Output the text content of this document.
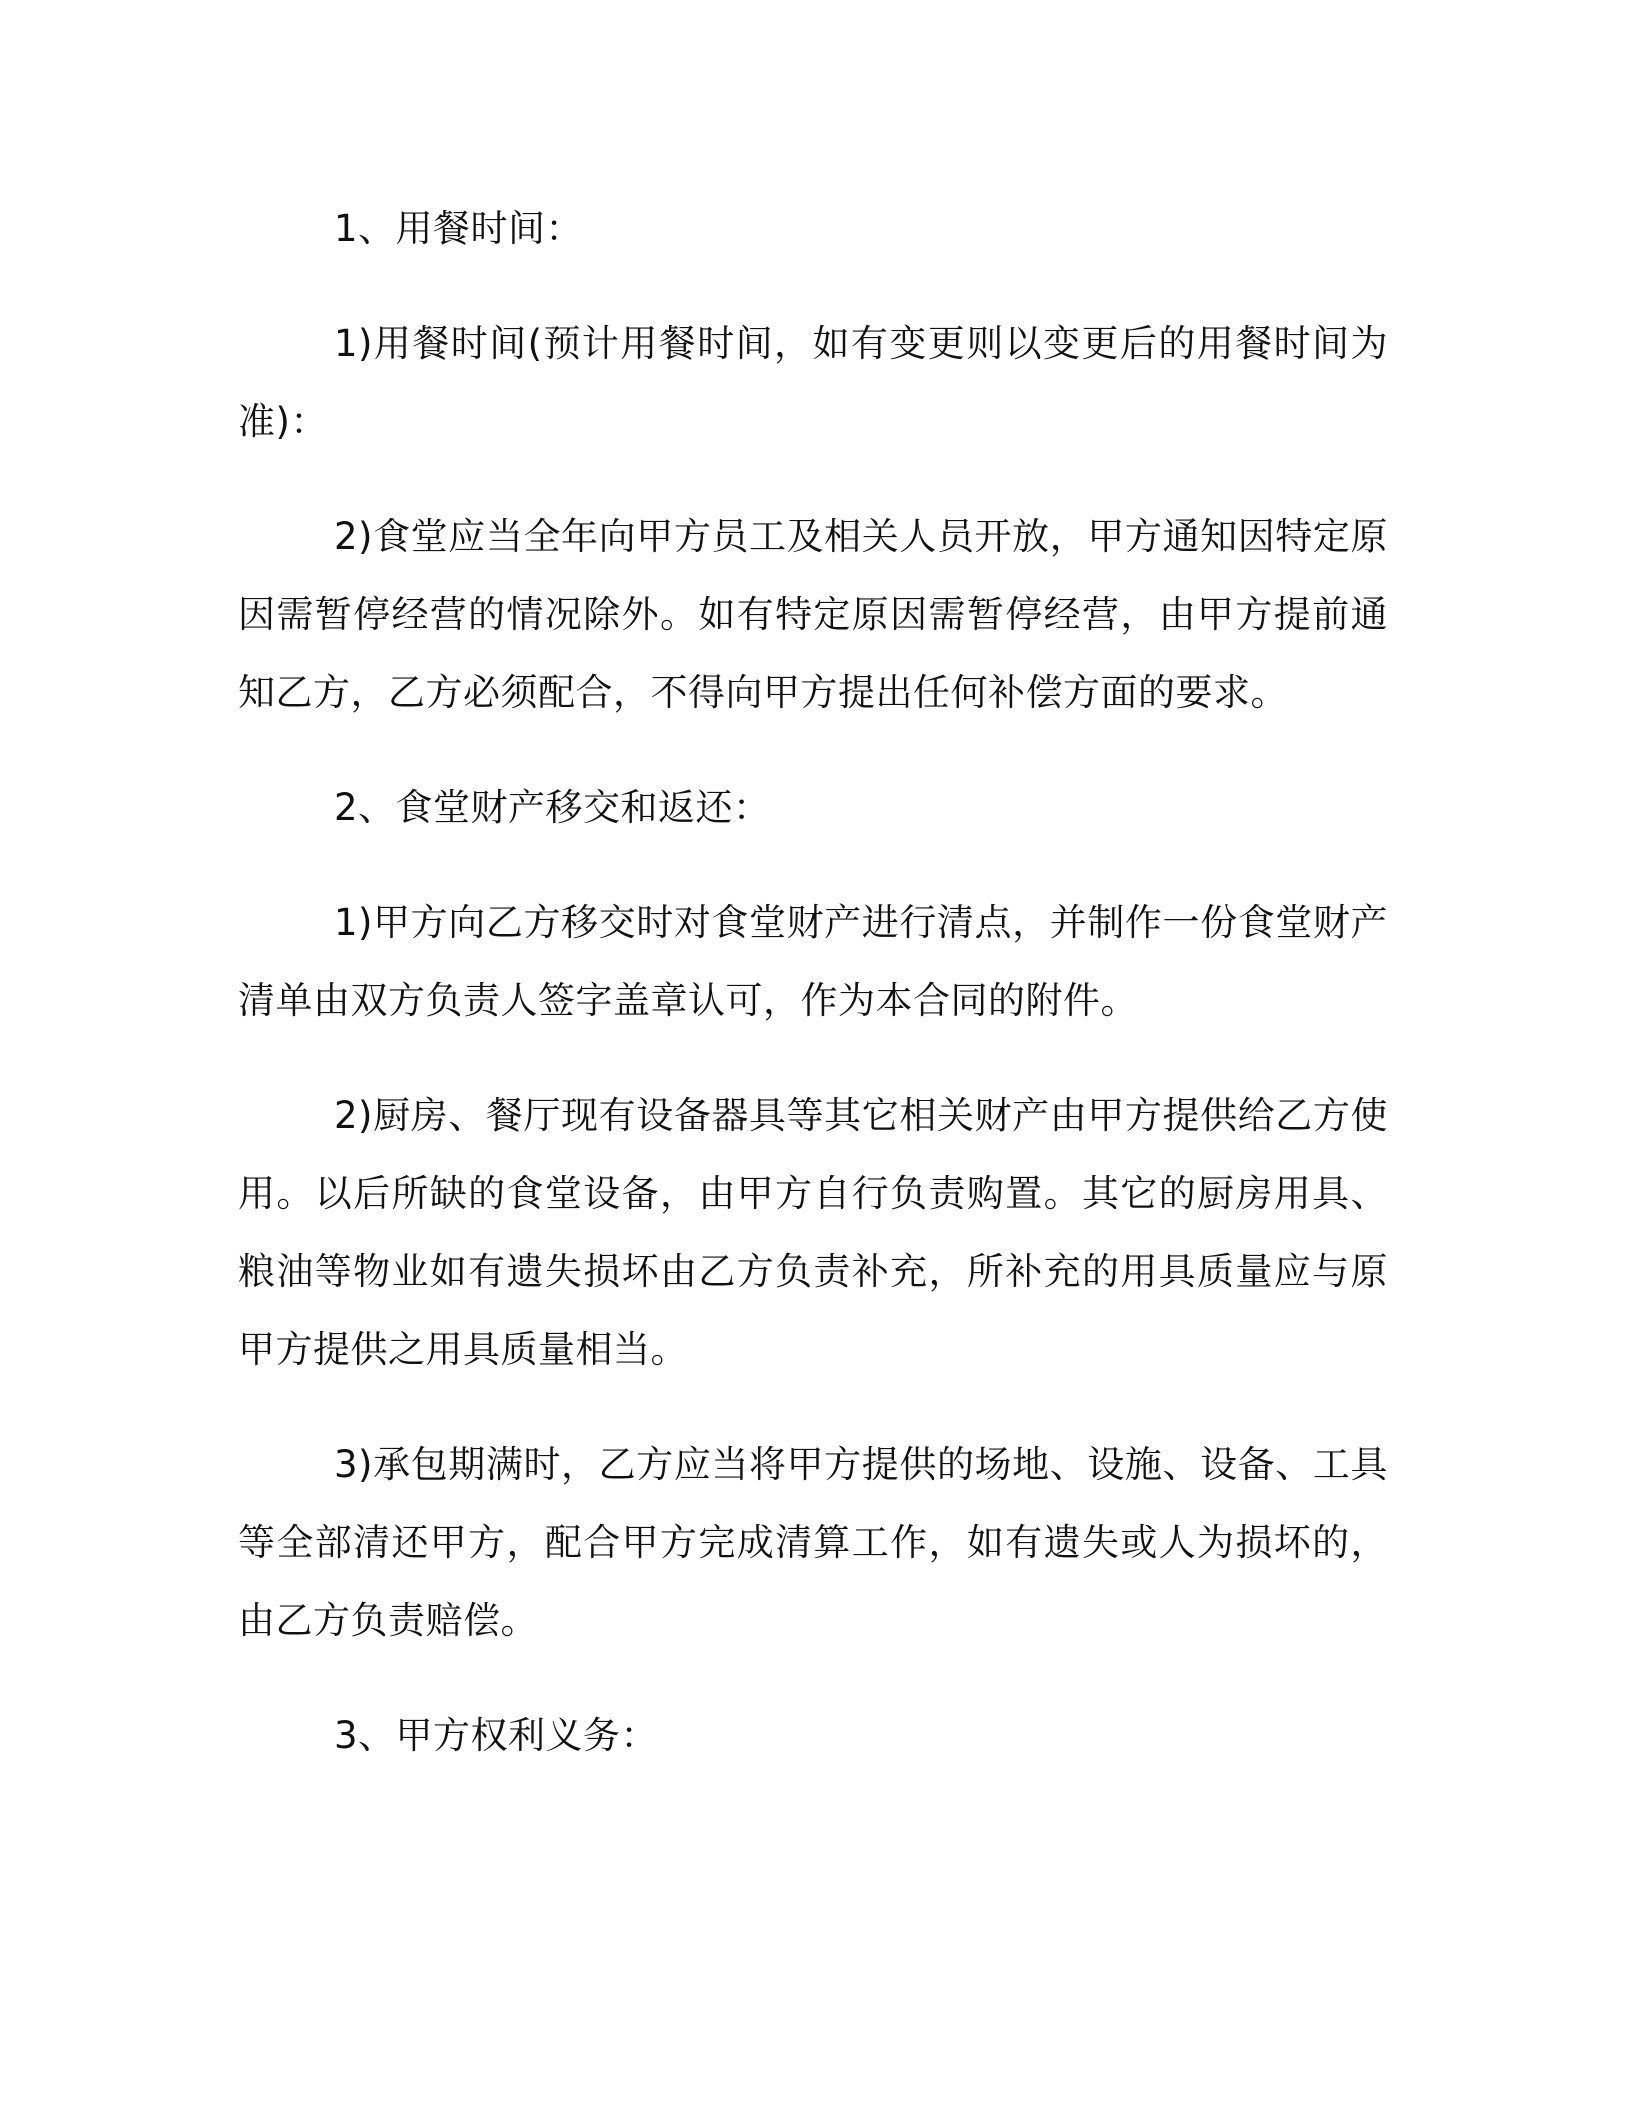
1、用餐时间：

1)用餐时间(预计用餐时间，如有变更则以变更后的用餐时间为准)：

2)食堂应当全年向甲方员工及相关人员开放，甲方通知因特定原因需暂停经营的情况除外。如有特定原因需暂停经营，由甲方提前通知乙方，乙方必须配合，不得向甲方提出任何补偿方面的要求。

2、食堂财产移交和返还：

1)甲方向乙方移交时对食堂财产进行清点，并制作一份食堂财产清单由双方负责人签字盖章认可，作为本合同的附件。

2)厨房、餐厅现有设备器具等其它相关财产由甲方提供给乙方使用。以后所缺的食堂设备，由甲方自行负责购置。其它的厨房用具、粮油等物业如有遗失损坏由乙方负责补充，所补充的用具质量应与原甲方提供之用具质量相当。

3)承包期满时，乙方应当将甲方提供的场地、设施、设备、工具等全部清还甲方，配合甲方完成清算工作，如有遗失或人为损坏的，由乙方负责赔偿。

3、甲方权利义务：
